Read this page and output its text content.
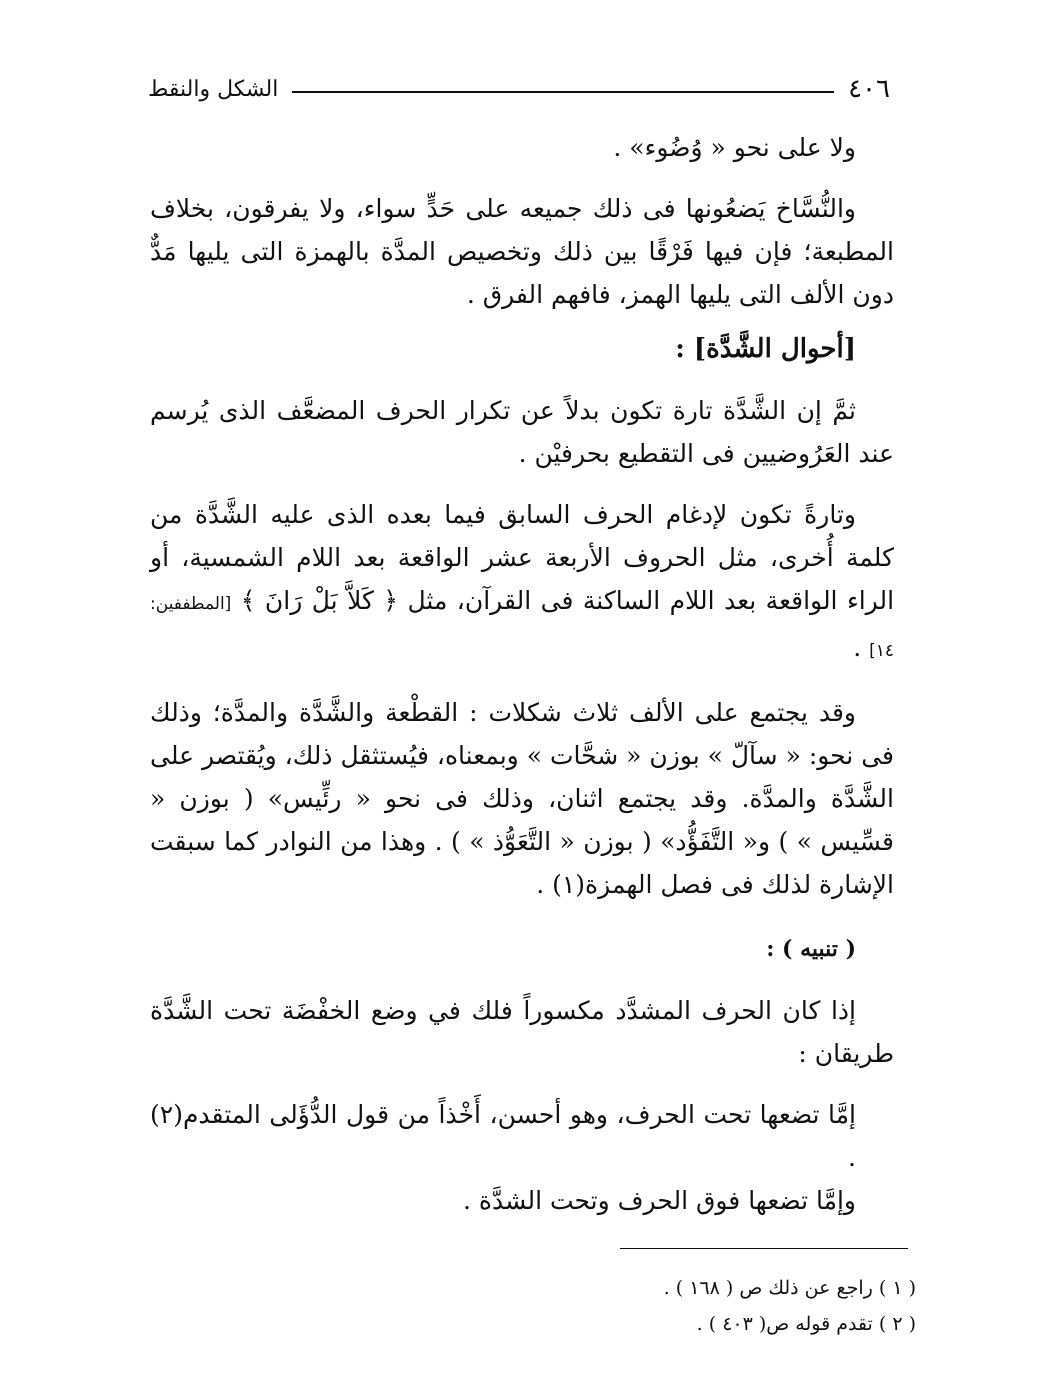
٤٠٦
الشكل والنقط

ولا على نحو « وُضُوء» .

والنُّسَّاخ يَضعُونها فى ذلك جميعه على حَدٍّ سواء، ولا يفرقون، بخلاف المطبعة؛ فإن فيها فَرْقًا بين ذلك وتخصيص المدَّة بالهمزة التى يليها مَدٌّ دون الألف التى يليها الهمز، فافهم الفرق .

[أحوال الشَّدَّة] :

ثمَّ إن الشَّدَّة تارة تكون بدلاً عن تكرار الحرف المضعَّف الذى يُرسم عند العَرُوضيين فى التقطيع بحرفيْن .

وتارةً تكون لإدغام الحرف السابق فيما بعده الذى عليه الشَّدَّة من كلمة أُخرى، مثل الحروف الأربعة عشر الواقعة بعد اللام الشمسية، أو الراء الواقعة بعد اللام الساكنة فى القرآن، مثل ﴿ كَلاَّ بَلْ رَانَ ﴾ [المطففين: ١٤] .

وقد يجتمع على الألف ثلاث شكلات : القطْعة والشَّدَّة والمدَّة؛ وذلك فى نحو: « سآلّ » بوزن « شحَّات » وبمعناه، فيُستثقل ذلك، ويُقتصر على الشَّدَّة والمدَّة. وقد يجتمع اثنان، وذلك فى نحو « رئِّيس» ( بوزن « قسِّيس » ) و« التَّفَؤُّد» ( بوزن « التَّعَوُّذ » ) . وهذا من النوادر كما سبقت الإشارة لذلك فى فصل الهمزة(١) .

( تنبيه ) :

إذا كان الحرف المشدَّد مكسوراً فلك في وضع الخفْضَة تحت الشَّدَّة طريقان :

إمَّا تضعها تحت الحرف، وهو أحسن، أَخْذاً من قول الدُّؤَلى المتقدم(٢) .

وإمَّا تضعها فوق الحرف وتحت الشدَّة .

( ١ ) راجع عن ذلك ص ( ١٦٨ ) .

( ٢ ) تقدم قوله ص( ٤٠٣ ) .
